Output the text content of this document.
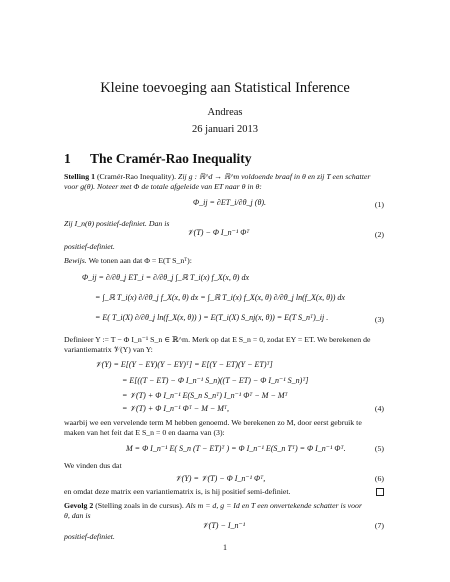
Kleine toevoeging aan Statistical Inference
Andreas
26 januari 2013
1 The Cramér-Rao Inequality
Stelling 1 (Cramér-Rao Inequality). Zij g : ℝ^d → ℝ^m voldoende braaf in θ en zij T een schatter
voor g(θ). Noteer met Φ de totale afgeleide van ET naar θ in θ:
Φ_ij = ∂ET_i/∂θ_j (θ).	(1)
Zij I_n(θ) positief-definiet. Dan is
𝒱(T) − Φ I_n⁻¹ Φᵀ	(2)
positief-definiet.
Bewijs. We tonen aan dat Φ = E(T S_nᵀ):
Φ_ij = ∂/∂θ_j ET_i = ∂/∂θ_j ∫_ℝ T_i(x) f_X(x, θ) dx
= ∫_ℝ T_i(x) ∂/∂θ_j f_X(x, θ) dx = ∫_ℝ T_i(x) f_X(x, θ) ∂/∂θ_j ln(f_X(x, θ)) dx
= E( T_i(X) ∂/∂θ_j ln(f_X(x, θ)) ) = E(T_i(X) S_nj(x, θ)) = E(T S_nᵀ)_ij .	(3)
Definieer Y := T − Φ I_n⁻¹ S_n ∈ ℝ^m. Merk op dat E S_n = 0, zodat EY = ET. We berekenen de
variantiematrix 𝒱(Y) van Y:
𝒱(Y) = E[(Y − EY)(Y − EY)ᵀ] = E[(Y − ET)(Y − ET)ᵀ]
= E[((T − ET) − Φ I_n⁻¹ S_n)((T − ET) − Φ I_n⁻¹ S_n)ᵀ]
= 𝒱(T) + Φ I_n⁻¹ E(S_n S_nᵀ) I_n⁻¹ Φᵀ − M − Mᵀ
= 𝒱(T) + Φ I_n⁻¹ Φᵀ − M − Mᵀ,	(4)
waarbij we een vervelende term M hebben genoemd. We berekenen zo M, door eerst gebruik te
maken van het feit dat E S_n = 0 en daarna van (3):
M = Φ I_n⁻¹ E( S_n (T − ET)ᵀ ) = Φ I_n⁻¹ E(S_n Tᵀ) = Φ I_n⁻¹ Φᵀ.	(5)
We vinden dus dat
𝒱(Y) = 𝒱(T) − Φ I_n⁻¹ Φᵀ,	(6)
en omdat deze matrix een variantiematrix is, is hij positief semi-definiet.
Gevolg 2 (Stelling zoals in de cursus). Als m = d, g = Id en T een onvertekende schatter is voor
θ, dan is
𝒱(T) − I_n⁻¹	(7)
positief-definiet.
1
